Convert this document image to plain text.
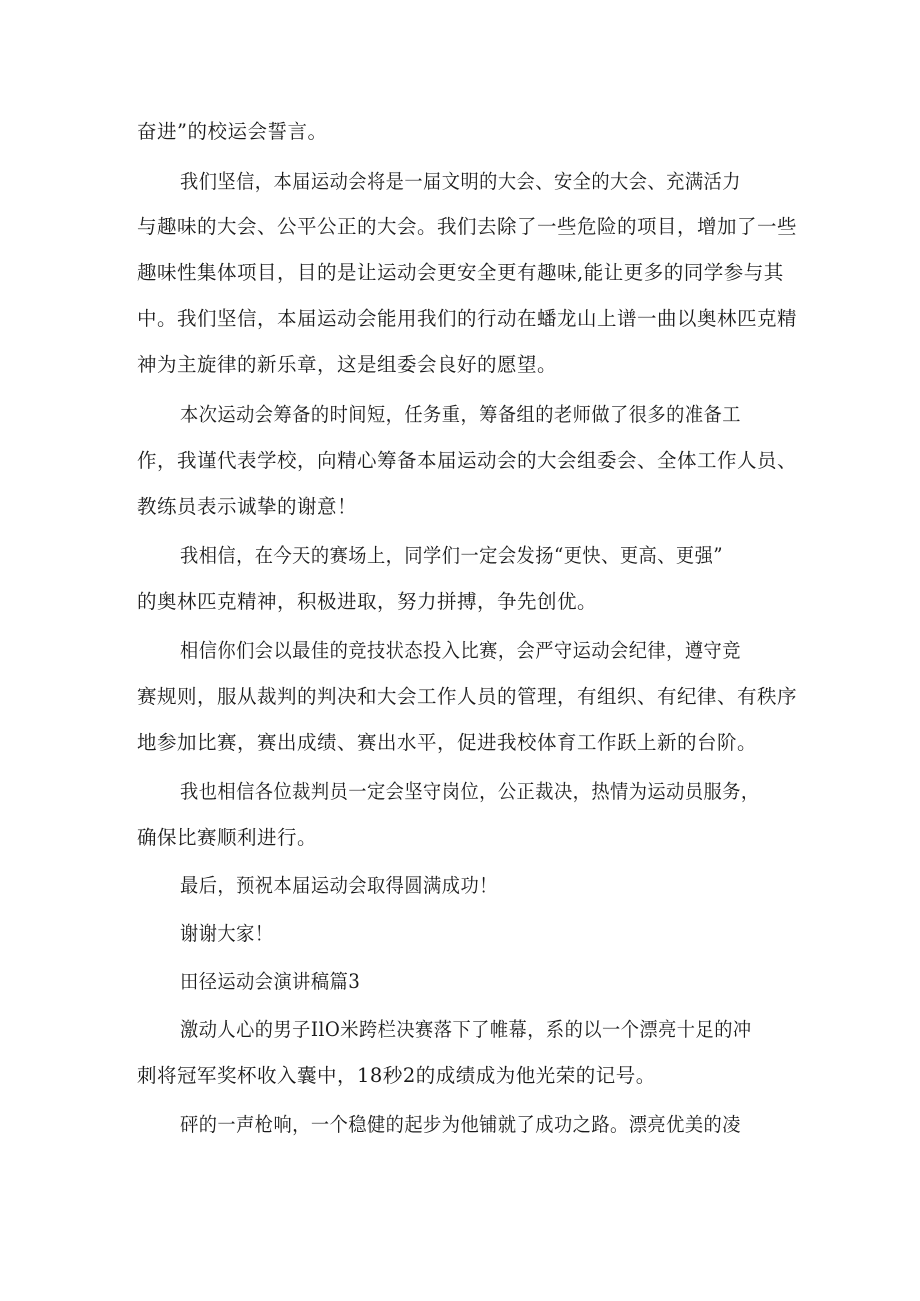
奋进”的校运会誓言。
我们坚信，本届运动会将是一届文明的大会、安全的大会、充满活力
与趣味的大会、公平公正的大会。我们去除了一些危险的项目，增加了一些
趣味性集体项目，目的是让运动会更安全更有趣味,能让更多的同学参与其
中。我们坚信，本届运动会能用我们的行动在蟠龙山上谱一曲以奥林匹克精
神为主旋律的新乐章，这是组委会良好的愿望。
本次运动会筹备的时间短，任务重，筹备组的老师做了很多的准备工
作，我谨代表学校，向精心筹备本届运动会的大会组委会、全体工作人员、
教练员表示诚挚的谢意！
我相信，在今天的赛场上，同学们一定会发扬“更快、更高、更强”
的奥林匹克精神，积极进取，努力拼搏，争先创优。
相信你们会以最佳的竞技状态投入比赛，会严守运动会纪律，遵守竞
赛规则，服从裁判的判决和大会工作人员的管理，有组织、有纪律、有秩序
地参加比赛，赛出成绩、赛出水平，促进我校体育工作跃上新的台阶。
我也相信各位裁判员一定会坚守岗位，公正裁决，热情为运动员服务，
确保比赛顺利进行。
最后，预祝本届运动会取得圆满成功！
谢谢大家！
田径运动会演讲稿篇3
激动人心的男子IlO米跨栏决赛落下了帷幕，系的以一个漂亮十足的冲
刺将冠军奖杯收入囊中，18秒2的成绩成为他光荣的记号。
砰的一声枪响，一个稳健的起步为他铺就了成功之路。漂亮优美的凌
